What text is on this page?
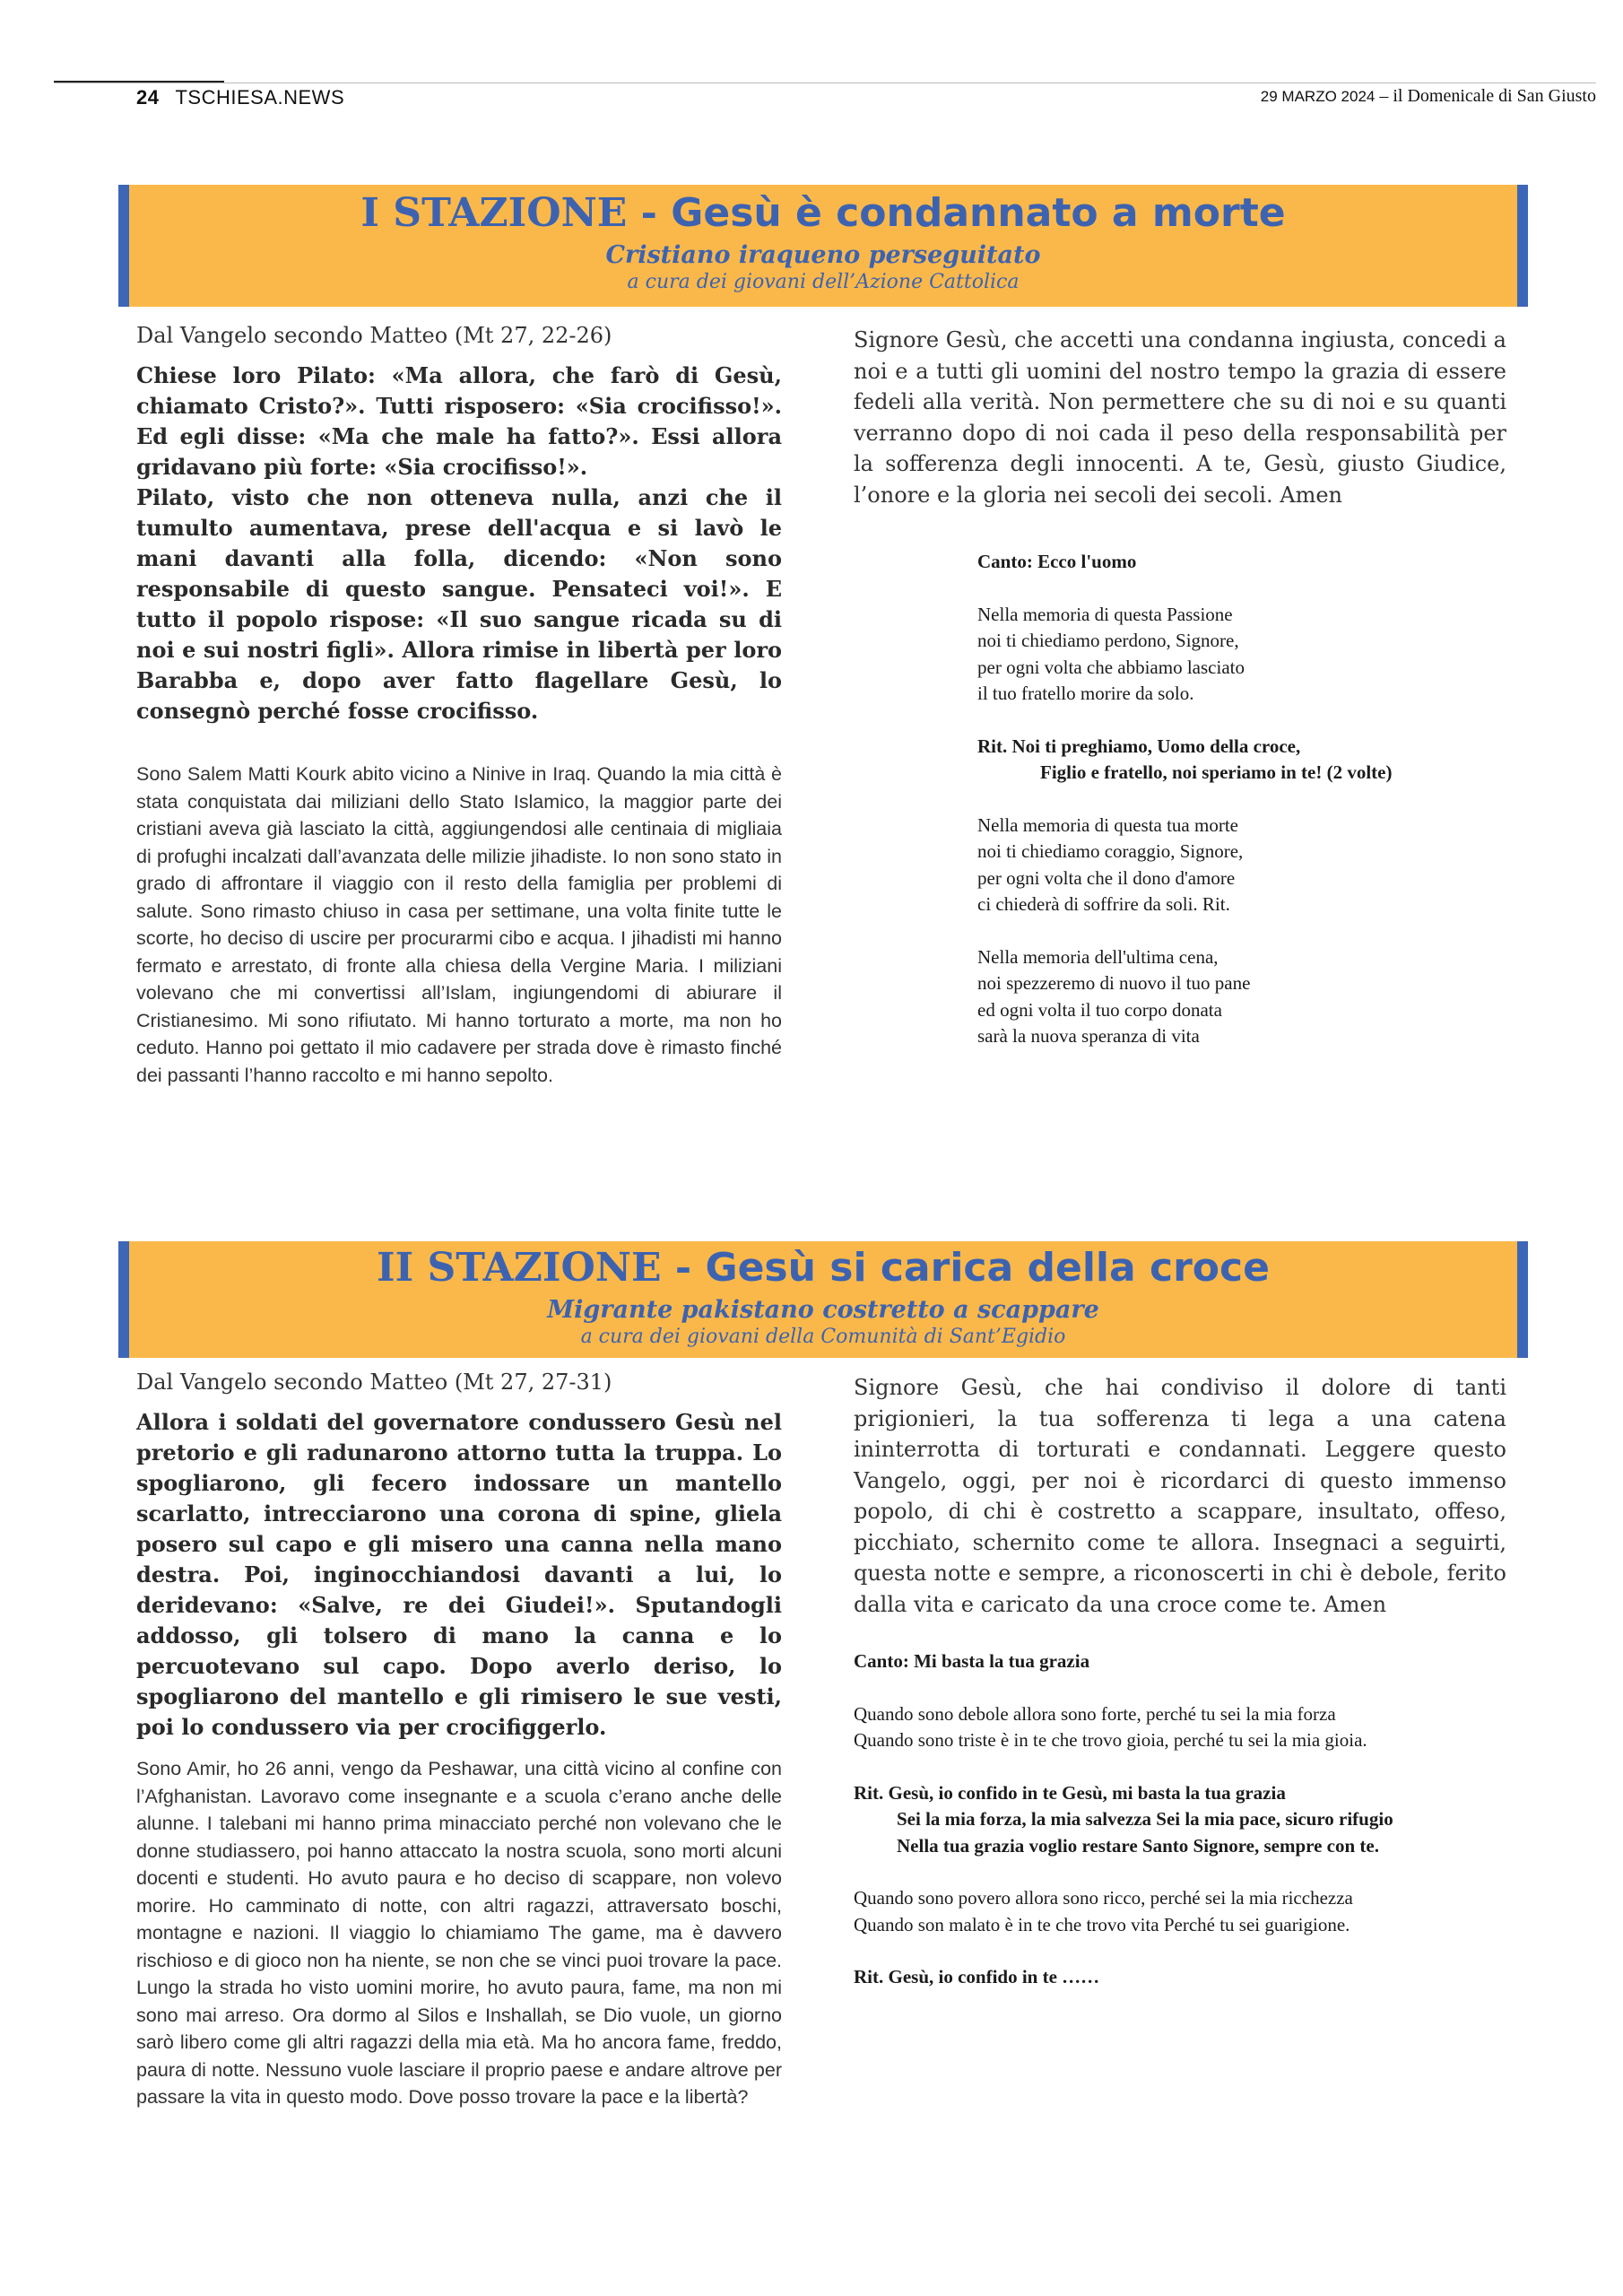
24 TSCHIESA.NEWS	29 MARZO 2024 – il Domenicale di San Giusto
I STAZIONE - Gesù è condannato a morte
Cristiano iraqueno perseguitato
a cura dei giovani dell’Azione Cattolica

Dal Vangelo secondo Matteo (Mt 27, 22-26)

Chiese loro Pilato: «Ma allora, che farò di Gesù, chiamato Cristo?». Tutti risposero: «Sia crocifisso!». Ed egli disse: «Ma che male ha fatto?». Essi allora gridavano più forte: «Sia crocifisso!».
Pilato, visto che non otteneva nulla, anzi che il tumulto aumentava, prese dell'acqua e si lavò le mani davanti alla folla, dicendo: «Non sono responsabile di questo sangue. Pensateci voi!». E tutto il popolo rispose: «Il suo sangue ricada su di noi e sui nostri figli». Allora rimise in libertà per loro Barabba e, dopo aver fatto flagellare Gesù, lo consegnò perché fosse crocifisso.

Sono Salem Matti Kourk abito vicino a Ninive in Iraq. Quando la mia città è stata conquistata dai miliziani dello Stato Islamico, la maggior parte dei cristiani aveva già lasciato la città, aggiungendosi alle centinaia di migliaia di profughi incalzati dall’avanzata delle milizie jihadiste. Io non sono stato in grado di affrontare il viaggio con il resto della famiglia per problemi di salute. Sono rimasto chiuso in casa per settimane, una volta finite tutte le scorte, ho deciso di uscire per procurarmi cibo e acqua. I jihadisti mi hanno fermato e arrestato, di fronte alla chiesa della Vergine Maria. I miliziani volevano che mi convertissi all’Islam, ingiungendomi di abiurare il Cristianesimo. Mi sono rifiutato. Mi hanno torturato a morte, ma non ho ceduto. Hanno poi gettato il mio cadavere per strada dove è rimasto finché dei passanti l’hanno raccolto e mi hanno sepolto.

Signore Gesù, che accetti una condanna ingiusta, concedi a noi e a tutti gli uomini del nostro tempo la grazia di essere fedeli alla verità. Non permettere che su di noi e su quanti verranno dopo di noi cada il peso della responsabilità per la sofferenza degli innocenti. A te, Gesù, giusto Giudice, l’onore e la gloria nei secoli dei secoli. Amen

Canto: Ecco l'uomo
Nella memoria di questa Passione
noi ti chiediamo perdono, Signore,
per ogni volta che abbiamo lasciato
il tuo fratello morire da solo.
Rit. Noi ti preghiamo, Uomo della croce,
Figlio e fratello, noi speriamo in te! (2 volte)
Nella memoria di questa tua morte
noi ti chiediamo coraggio, Signore,
per ogni volta che il dono d'amore
ci chiederà di soffrire da soli. Rit.
Nella memoria dell'ultima cena,
noi spezzeremo di nuovo il tuo pane
ed ogni volta il tuo corpo donata
sarà la nuova speranza di vita
II STAZIONE - Gesù si carica della croce
Migrante pakistano costretto a scappare
a cura dei giovani della Comunità di Sant’Egidio

Dal Vangelo secondo Matteo (Mt 27, 27-31)

Allora i soldati del governatore condussero Gesù nel pretorio e gli radunarono attorno tutta la truppa. Lo spogliarono, gli fecero indossare un mantello scarlatto, intrecciarono una corona di spine, gliela posero sul capo e gli misero una canna nella mano destra. Poi, inginocchiandosi davanti a lui, lo deridevano: «Salve, re dei Giudei!». Sputandogli addosso, gli tolsero di mano la canna e lo percuotevano sul capo. Dopo averlo deriso, lo spogliarono del mantello e gli rimisero le sue vesti, poi lo condussero via per crocifiggerlo.

Sono Amir, ho 26 anni, vengo da Peshawar, una città vicino al confine con l’Afghanistan. Lavoravo come insegnante e a scuola c’erano anche delle alunne. I talebani mi hanno prima minacciato perché non volevano che le donne studiassero, poi hanno attaccato la nostra scuola, sono morti alcuni docenti e studenti. Ho avuto paura e ho deciso di scappare, non volevo morire. Ho camminato di notte, con altri ragazzi, attraversato boschi, montagne e nazioni. Il viaggio lo chiamiamo The game, ma è davvero rischioso e di gioco non ha niente, se non che se vinci puoi trovare la pace. Lungo la strada ho visto uomini morire, ho avuto paura, fame, ma non mi sono mai arreso. Ora dormo al Silos e Inshallah, se Dio vuole, un giorno sarò libero come gli altri ragazzi della mia età. Ma ho ancora fame, freddo, paura di notte. Nessuno vuole lasciare il proprio paese e andare altrove per passare la vita in questo modo. Dove posso trovare la pace e la libertà?

Signore Gesù, che hai condiviso il dolore di tanti prigionieri, la tua sofferenza ti lega a una catena ininterrotta di torturati e condannati. Leggere questo Vangelo, oggi, per noi è ricordarci di questo immenso popolo, di chi è costretto a scappare, insultato, offeso, picchiato, schernito come te allora. Insegnaci a seguirti, questa notte e sempre, a riconoscerti in chi è debole, ferito dalla vita e caricato da una croce come te. Amen

Canto: Mi basta la tua grazia
Quando sono debole allora sono forte, perché tu sei la mia forza
Quando sono triste è in te che trovo gioia, perché tu sei la mia gioia.
Rit. Gesù, io confido in te Gesù, mi basta la tua grazia
Sei la mia forza, la mia salvezza Sei la mia pace, sicuro rifugio
Nella tua grazia voglio restare Santo Signore, sempre con te.
Quando sono povero allora sono ricco, perché sei la mia ricchezza
Quando son malato è in te che trovo vita Perché tu sei guarigione.
Rit. Gesù, io confido in te ……
